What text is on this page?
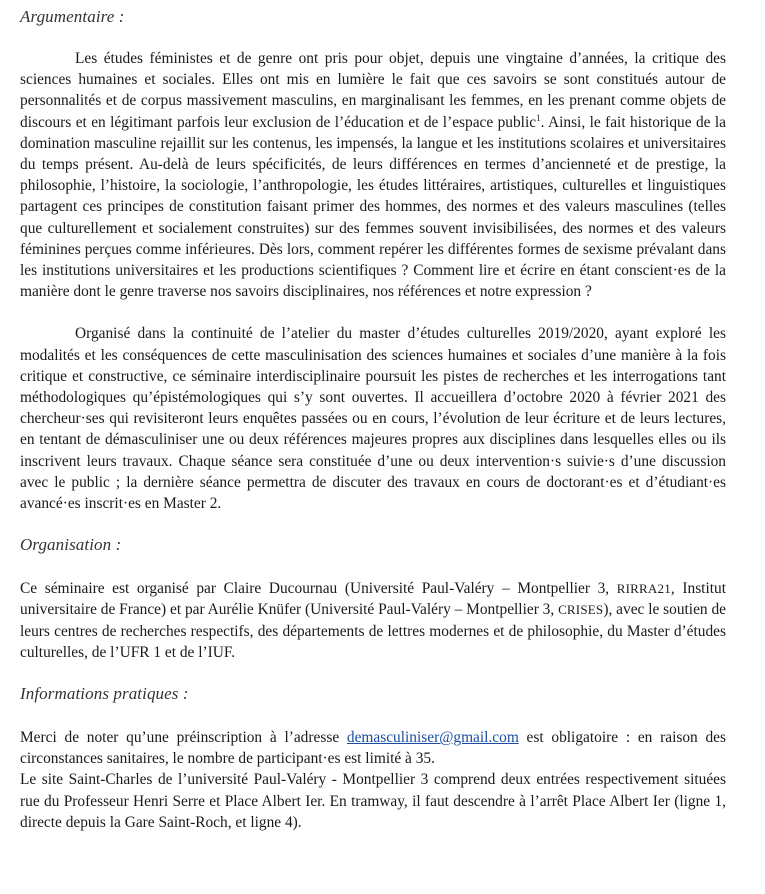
Argumentaire :

Les études féministes et de genre ont pris pour objet, depuis une vingtaine d’années, la critique des sciences humaines et sociales. Elles ont mis en lumière le fait que ces savoirs se sont constitués autour de personnalités et de corpus massivement masculins, en marginalisant les femmes, en les prenant comme objets de discours et en légitimant parfois leur exclusion de l’éducation et de l’espace public$^1$. Ainsi, le fait historique de la domination masculine rejaillit sur les contenus, les impensés, la langue et les institutions scolaires et universitaires du temps présent. Au-delà de leurs spécificités, de leurs différences en termes d’ancienneté et de prestige, la philosophie, l’histoire, la sociologie, l’anthropologie, les études littéraires, artistiques, culturelles et linguistiques partagent ces principes de constitution faisant primer des hommes, des normes et des valeurs masculines (telles que culturellement et socialement construites) sur des femmes souvent invisibilisées, des normes et des valeurs féminines perçues comme inférieures. Dès lors, comment repérer les différentes formes de sexisme prévalant dans les institutions universitaires et les productions scientifiques ? Comment lire et écrire en étant conscient·es de la manière dont le genre traverse nos savoirs disciplinaires, nos références et notre expression ?

Organisé dans la continuité de l’atelier du master d’études culturelles 2019/2020, ayant exploré les modalités et les conséquences de cette masculinisation des sciences humaines et sociales d’une manière à la fois critique et constructive, ce séminaire interdisciplinaire poursuit les pistes de recherches et les interrogations tant méthodologiques qu’épistémologiques qui s’y sont ouvertes. Il accueillera d’octobre 2020 à février 2021 des chercheur·ses qui revisiteront leurs enquêtes passées ou en cours, l’évolution de leur écriture et de leurs lectures, en tentant de démasculiniser une ou deux références majeures propres aux disciplines dans lesquelles elles ou ils inscrivent leurs travaux. Chaque séance sera constituée d’une ou deux intervention·s suivie·s d’une discussion avec le public ; la dernière séance permettra de discuter des travaux en cours de doctorant·es et d’étudiant·es avancé·es inscrit·es en Master 2.

Organisation :

Ce séminaire est organisé par Claire Ducournau (Université Paul-Valéry – Montpellier 3, RIRRA21, Institut universitaire de France) et par Aurélie Knüfer (Université Paul-Valéry – Montpellier 3, CRISES), avec le soutien de leurs centres de recherches respectifs, des départements de lettres modernes et de philosophie, du Master d’études culturelles, de l’UFR 1 et de l’IUF.

Informations pratiques :

Merci de noter qu’une préinscription à l’adresse demasculiniser@gmail.com est obligatoire : en raison des circonstances sanitaires, le nombre de participant·es est limité à 35.

Le site Saint-Charles de l’université Paul-Valéry - Montpellier 3 comprend deux entrées respectivement situées rue du Professeur Henri Serre et Place Albert Ier. En tramway, il faut descendre à l’arrêt Place Albert Ier (ligne 1, directe depuis la Gare Saint-Roch, et ligne 4).
